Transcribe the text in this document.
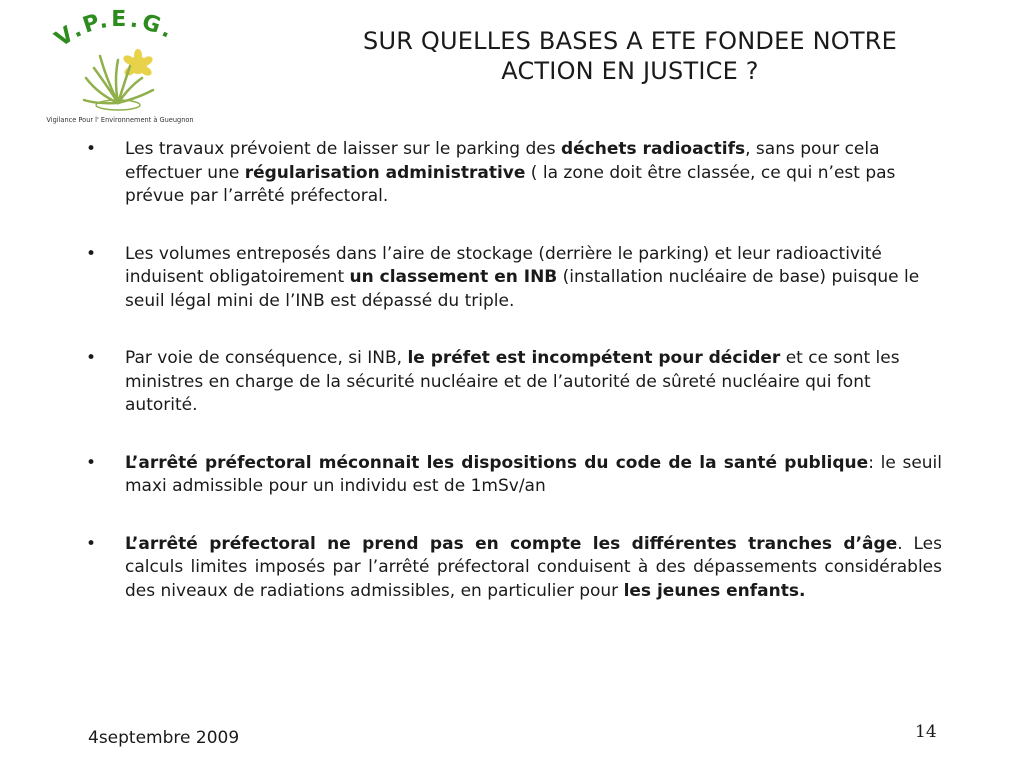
V.P.E.G.
Vigilance Pour l' Environnement à Gueugnon
SUR QUELLES BASES A ETE FONDEE NOTRE
ACTION EN JUSTICE ?
• Les travaux prévoient de laisser sur le parking des déchets radioactifs, sans pour cela effectuer une régularisation administrative ( la zone doit être classée, ce qui n’est pas prévue par l’arrêté préfectoral.
• Les volumes entreposés dans l’aire de stockage (derrière le parking) et leur radioactivité induisent obligatoirement un classement en INB (installation nucléaire de base) puisque le seuil légal mini de l’INB est dépassé du triple.
• Par voie de conséquence, si INB, le préfet est incompétent pour décider et ce sont les ministres en charge de la sécurité nucléaire et de l’autorité de sûreté nucléaire qui font autorité.
• L’arrêté préfectoral méconnait les dispositions du code de la santé publique: le seuil maxi admissible pour un individu est de 1mSv/an
• L’arrêté préfectoral ne prend pas en compte les différentes tranches d’âge. Les calculs limites imposés par l’arrêté préfectoral conduisent à des dépassements considérables des niveaux de radiations admissibles, en particulier pour les jeunes enfants.
4septembre 2009	14
